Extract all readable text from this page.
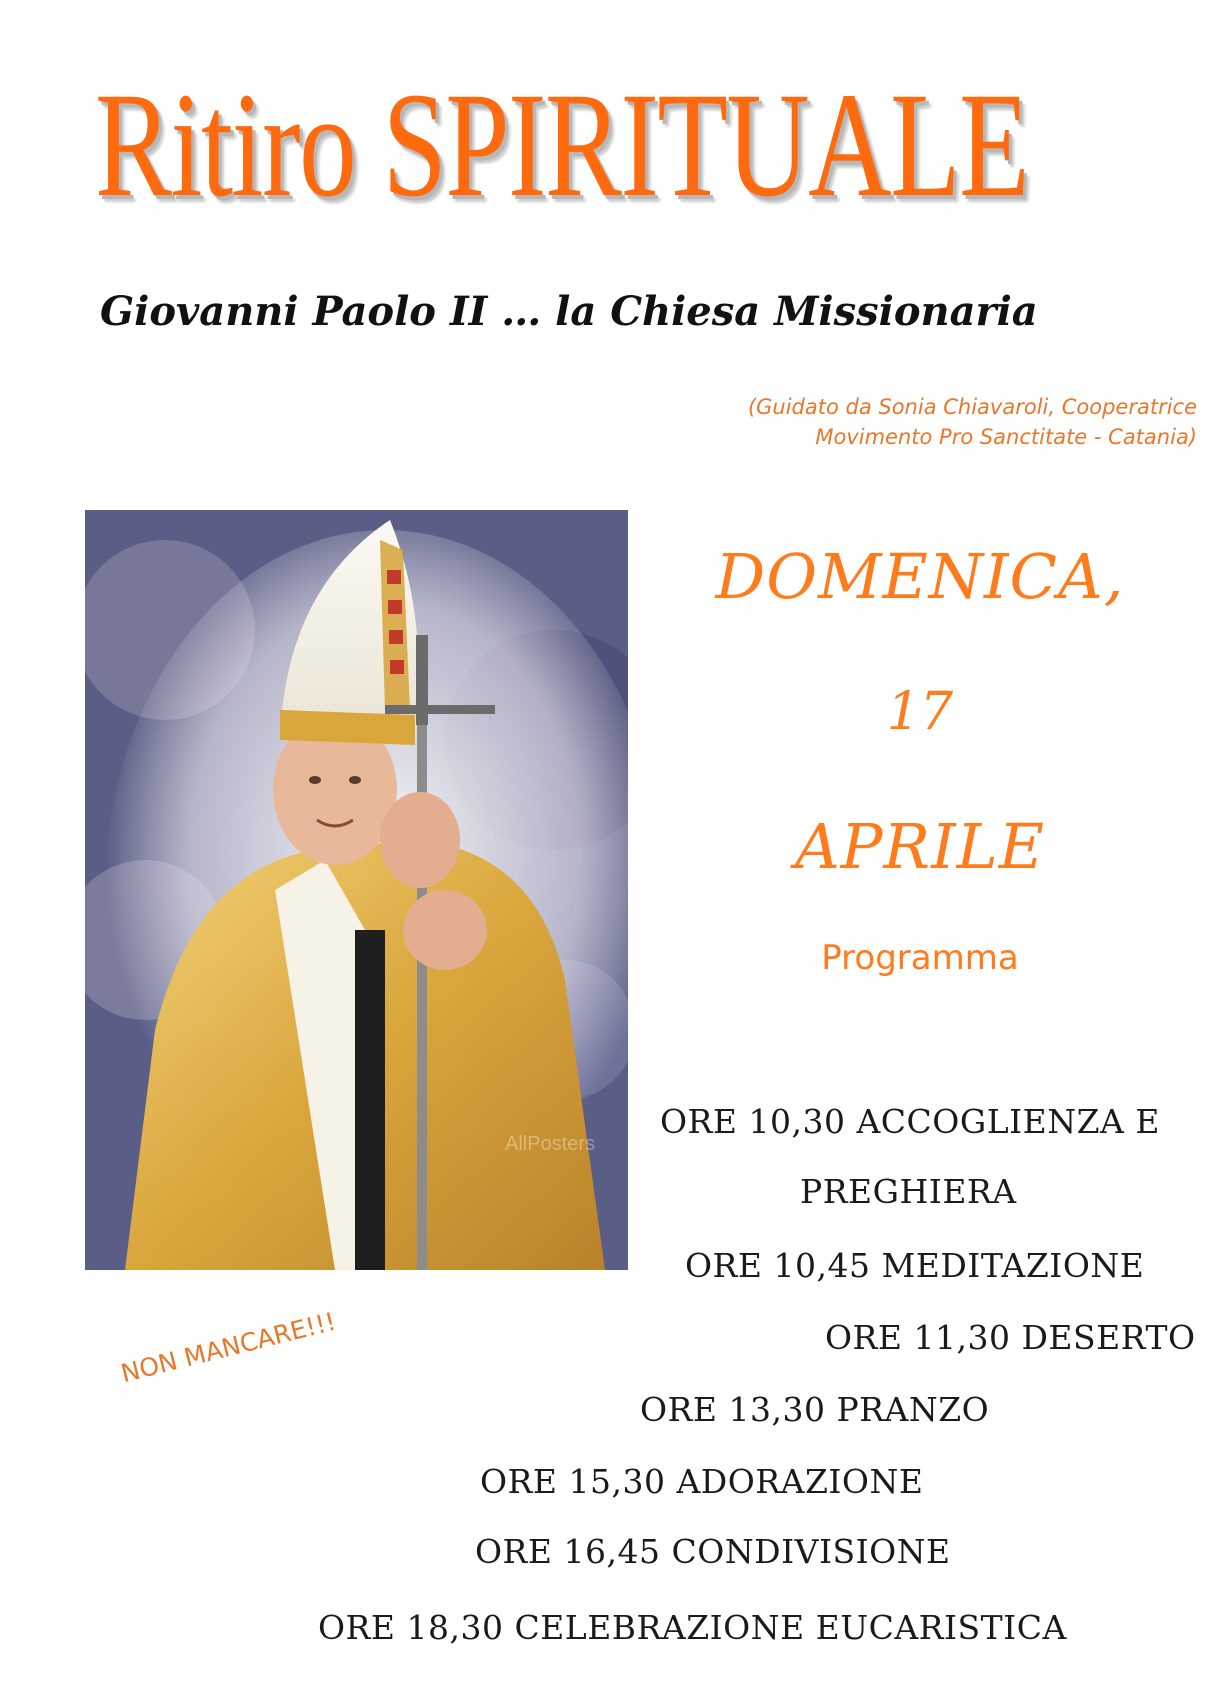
Ritiro SPIRITUALE
Giovanni Paolo II … la Chiesa Missionaria
(Guidato da Sonia Chiavaroli, Cooperatrice
Movimento Pro Sanctitate - Catania)
AllPosters
DOMENICA,
17
APRILE
Programma
ORE 10,30 ACCOGLIENZA E
PREGHIERA
ORE 10,45 MEDITAZIONE
ORE 11,30 DESERTO
ORE 13,30 PRANZO
ORE 15,30 ADORAZIONE
ORE 16,45 CONDIVISIONE
ORE 18,30 CELEBRAZIONE EUCARISTICA
NON MANCARE!!!
